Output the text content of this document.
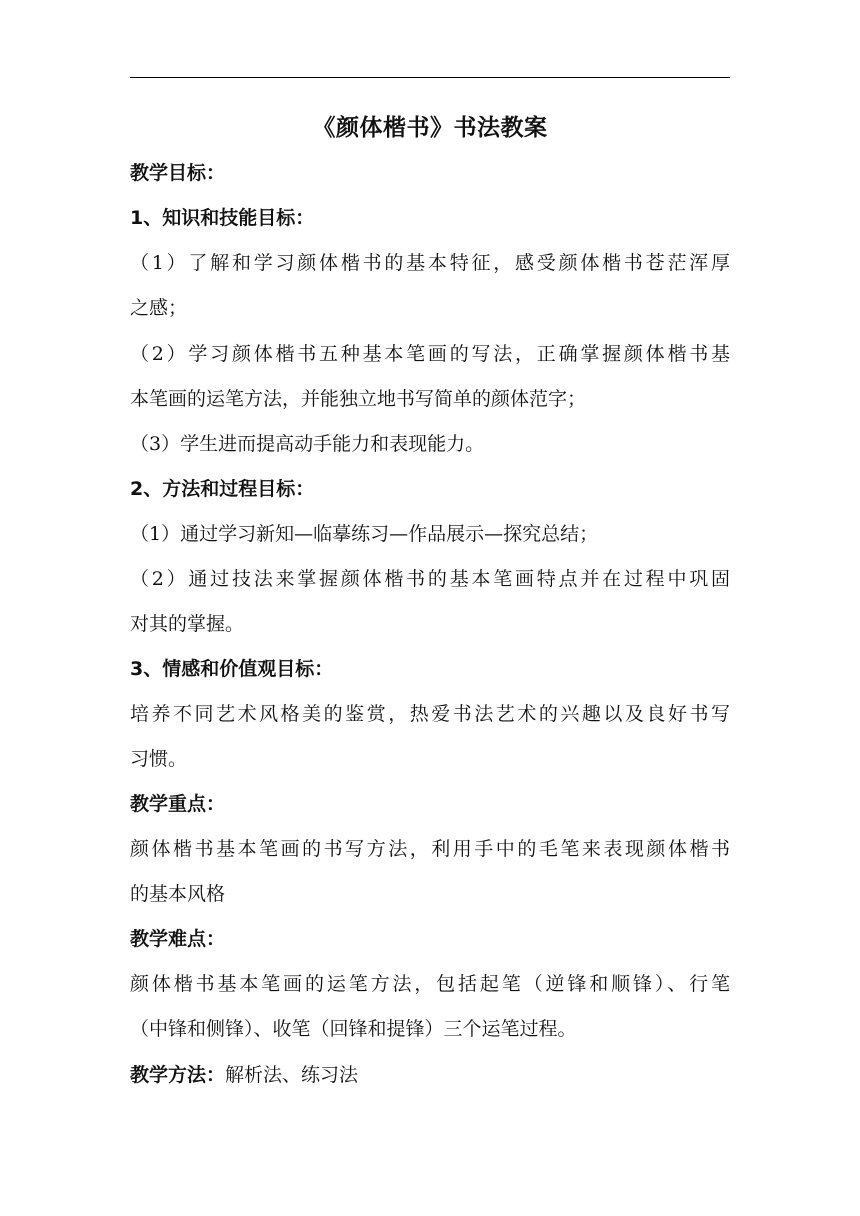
《颜体楷书》书法教案
教学目标：
1、知识和技能目标：
（1）了解和学习颜体楷书的基本特征，感受颜体楷书苍茫浑厚
之感；
（2）学习颜体楷书五种基本笔画的写法，正确掌握颜体楷书基
本笔画的运笔方法，并能独立地书写简单的颜体范字；
（3）学生进而提高动手能力和表现能力。
2、方法和过程目标：
（1）通过学习新知—临摹练习—作品展示—探究总结；
（2）通过技法来掌握颜体楷书的基本笔画特点并在过程中巩固
对其的掌握。
3、情感和价值观目标：
培养不同艺术风格美的鉴赏，热爱书法艺术的兴趣以及良好书写
习惯。
教学重点：
颜体楷书基本笔画的书写方法，利用手中的毛笔来表现颜体楷书
的基本风格
教学难点：
颜体楷书基本笔画的运笔方法，包括起笔（逆锋和顺锋）、行笔
（中锋和侧锋）、收笔（回锋和提锋）三个运笔过程。
教学方法：解析法、练习法
